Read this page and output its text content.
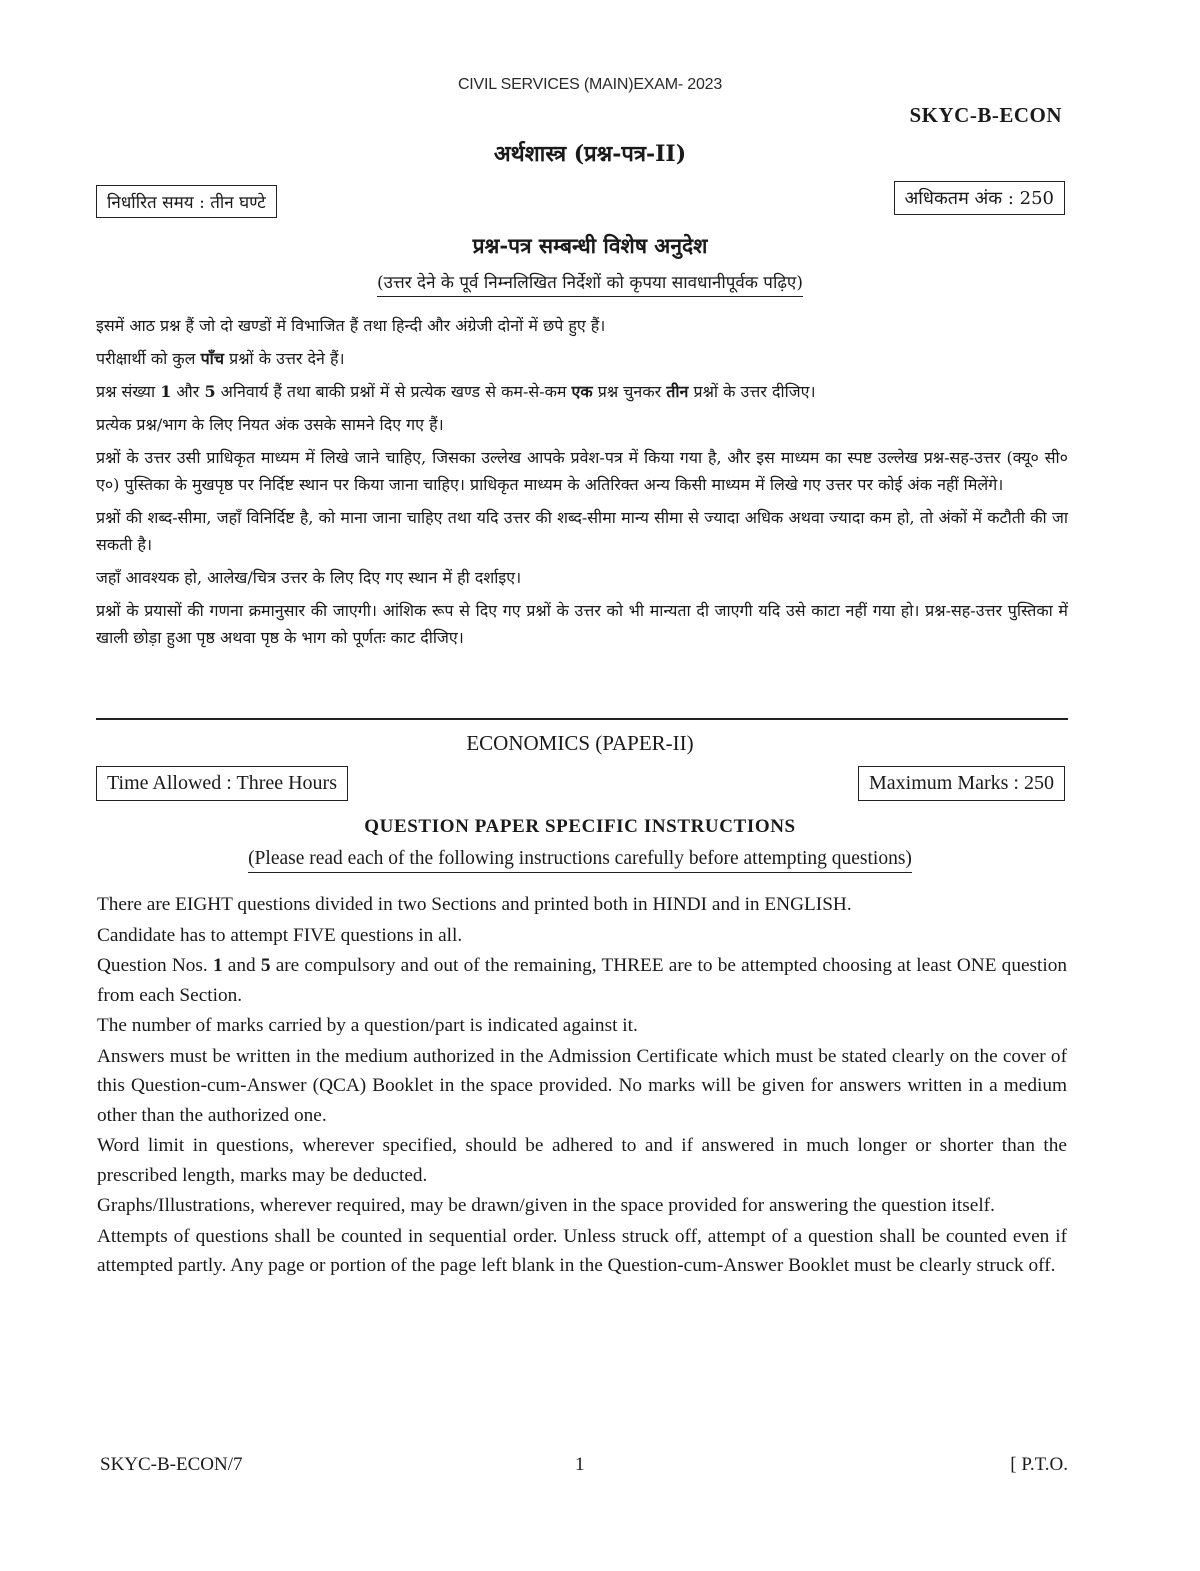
CIVIL SERVICES (MAIN)EXAM- 2023
SKYC-B-ECON
अर्थशास्त्र (प्रश्न-पत्र-II)
निर्धारित समय : तीन घण्टे	अधिकतम अंक : 250
प्रश्न-पत्र सम्बन्धी विशेष अनुदेश
(उत्तर देने के पूर्व निम्नलिखित निर्देशों को कृपया सावधानीपूर्वक पढ़िए)

इसमें आठ प्रश्न हैं जो दो खण्डों में विभाजित हैं तथा हिन्दी और अंग्रेजी दोनों में छपे हुए हैं।

परीक्षार्थी को कुल पाँच प्रश्नों के उत्तर देने हैं।

प्रश्न संख्या 1 और 5 अनिवार्य हैं तथा बाकी प्रश्नों में से प्रत्येक खण्ड से कम-से-कम एक प्रश्न चुनकर तीन प्रश्नों के उत्तर दीजिए।

प्रत्येक प्रश्न/भाग के लिए नियत अंक उसके सामने दिए गए हैं।

प्रश्नों के उत्तर उसी प्राधिकृत माध्यम में लिखे जाने चाहिए, जिसका उल्लेख आपके प्रवेश-पत्र में किया गया है, और इस माध्यम का स्पष्ट उल्लेख प्रश्न-सह-उत्तर (क्यू० सी० ए०) पुस्तिका के मुखपृष्ठ पर निर्दिष्ट स्थान पर किया जाना चाहिए। प्राधिकृत माध्यम के अतिरिक्त अन्य किसी माध्यम में लिखे गए उत्तर पर कोई अंक नहीं मिलेंगे।

प्रश्नों की शब्द-सीमा, जहाँ विनिर्दिष्ट है, को माना जाना चाहिए तथा यदि उत्तर की शब्द-सीमा मान्य सीमा से ज्यादा अधिक अथवा ज्यादा कम हो, तो अंकों में कटौती की जा सकती है।

जहाँ आवश्यक हो, आलेख/चित्र उत्तर के लिए दिए गए स्थान में ही दर्शाइए।

प्रश्नों के प्रयासों की गणना क्रमानुसार की जाएगी। आंशिक रूप से दिए गए प्रश्नों के उत्तर को भी मान्यता दी जाएगी यदि उसे काटा नहीं गया हो। प्रश्न-सह-उत्तर पुस्तिका में खाली छोड़ा हुआ पृष्ठ अथवा पृष्ठ के भाग को पूर्णतः काट दीजिए।

ECONOMICS (PAPER-II)
Time Allowed : Three Hours	Maximum Marks : 250
QUESTION PAPER SPECIFIC INSTRUCTIONS
(Please read each of the following instructions carefully before attempting questions)

There are EIGHT questions divided in two Sections and printed both in HINDI and in ENGLISH.

Candidate has to attempt FIVE questions in all.

Question Nos. 1 and 5 are compulsory and out of the remaining, THREE are to be attempted choosing at least ONE question from each Section.

The number of marks carried by a question/part is indicated against it.

Answers must be written in the medium authorized in the Admission Certificate which must be stated clearly on the cover of this Question-cum-Answer (QCA) Booklet in the space provided. No marks will be given for answers written in a medium other than the authorized one.

Word limit in questions, wherever specified, should be adhered to and if answered in much longer or shorter than the prescribed length, marks may be deducted.

Graphs/Illustrations, wherever required, may be drawn/given in the space provided for answering the question itself.

Attempts of questions shall be counted in sequential order. Unless struck off, attempt of a question shall be counted even if attempted partly. Any page or portion of the page left blank in the Question-cum-Answer Booklet must be clearly struck off.

SKYC-B-ECON/7	1	[ P.T.O.
